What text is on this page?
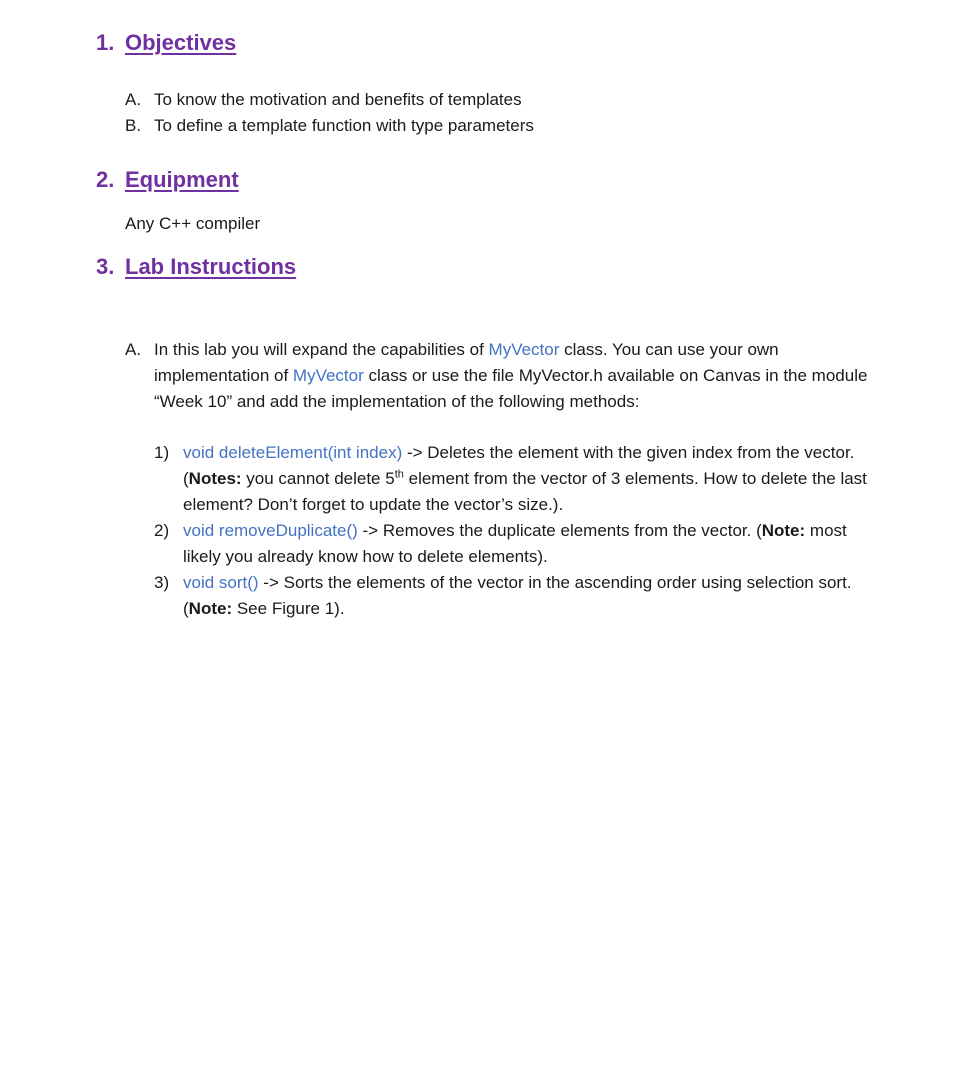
1. Objectives
A. To know the motivation and benefits of templates
B. To define a template function with type parameters
2. Equipment

Any C++ compiler

3. Lab Instructions
A. In this lab you will expand the capabilities of MyVector class. You can use your own implementation of MyVector class or use the file MyVector.h available on Canvas in the module “Week 10” and add the implementation of the following methods:
1) void deleteElement(int index) -> Deletes the element with the given index from the vector. (Notes: you cannot delete 5th element from the vector of 3 elements. How to delete the last element? Don’t forget to update the vector’s size.).
2) void removeDuplicate() -> Removes the duplicate elements from the vector. (Note: most likely you already know how to delete elements).
3) void sort() -> Sorts the elements of the vector in the ascending order using selection sort. (Note: See Figure 1).
